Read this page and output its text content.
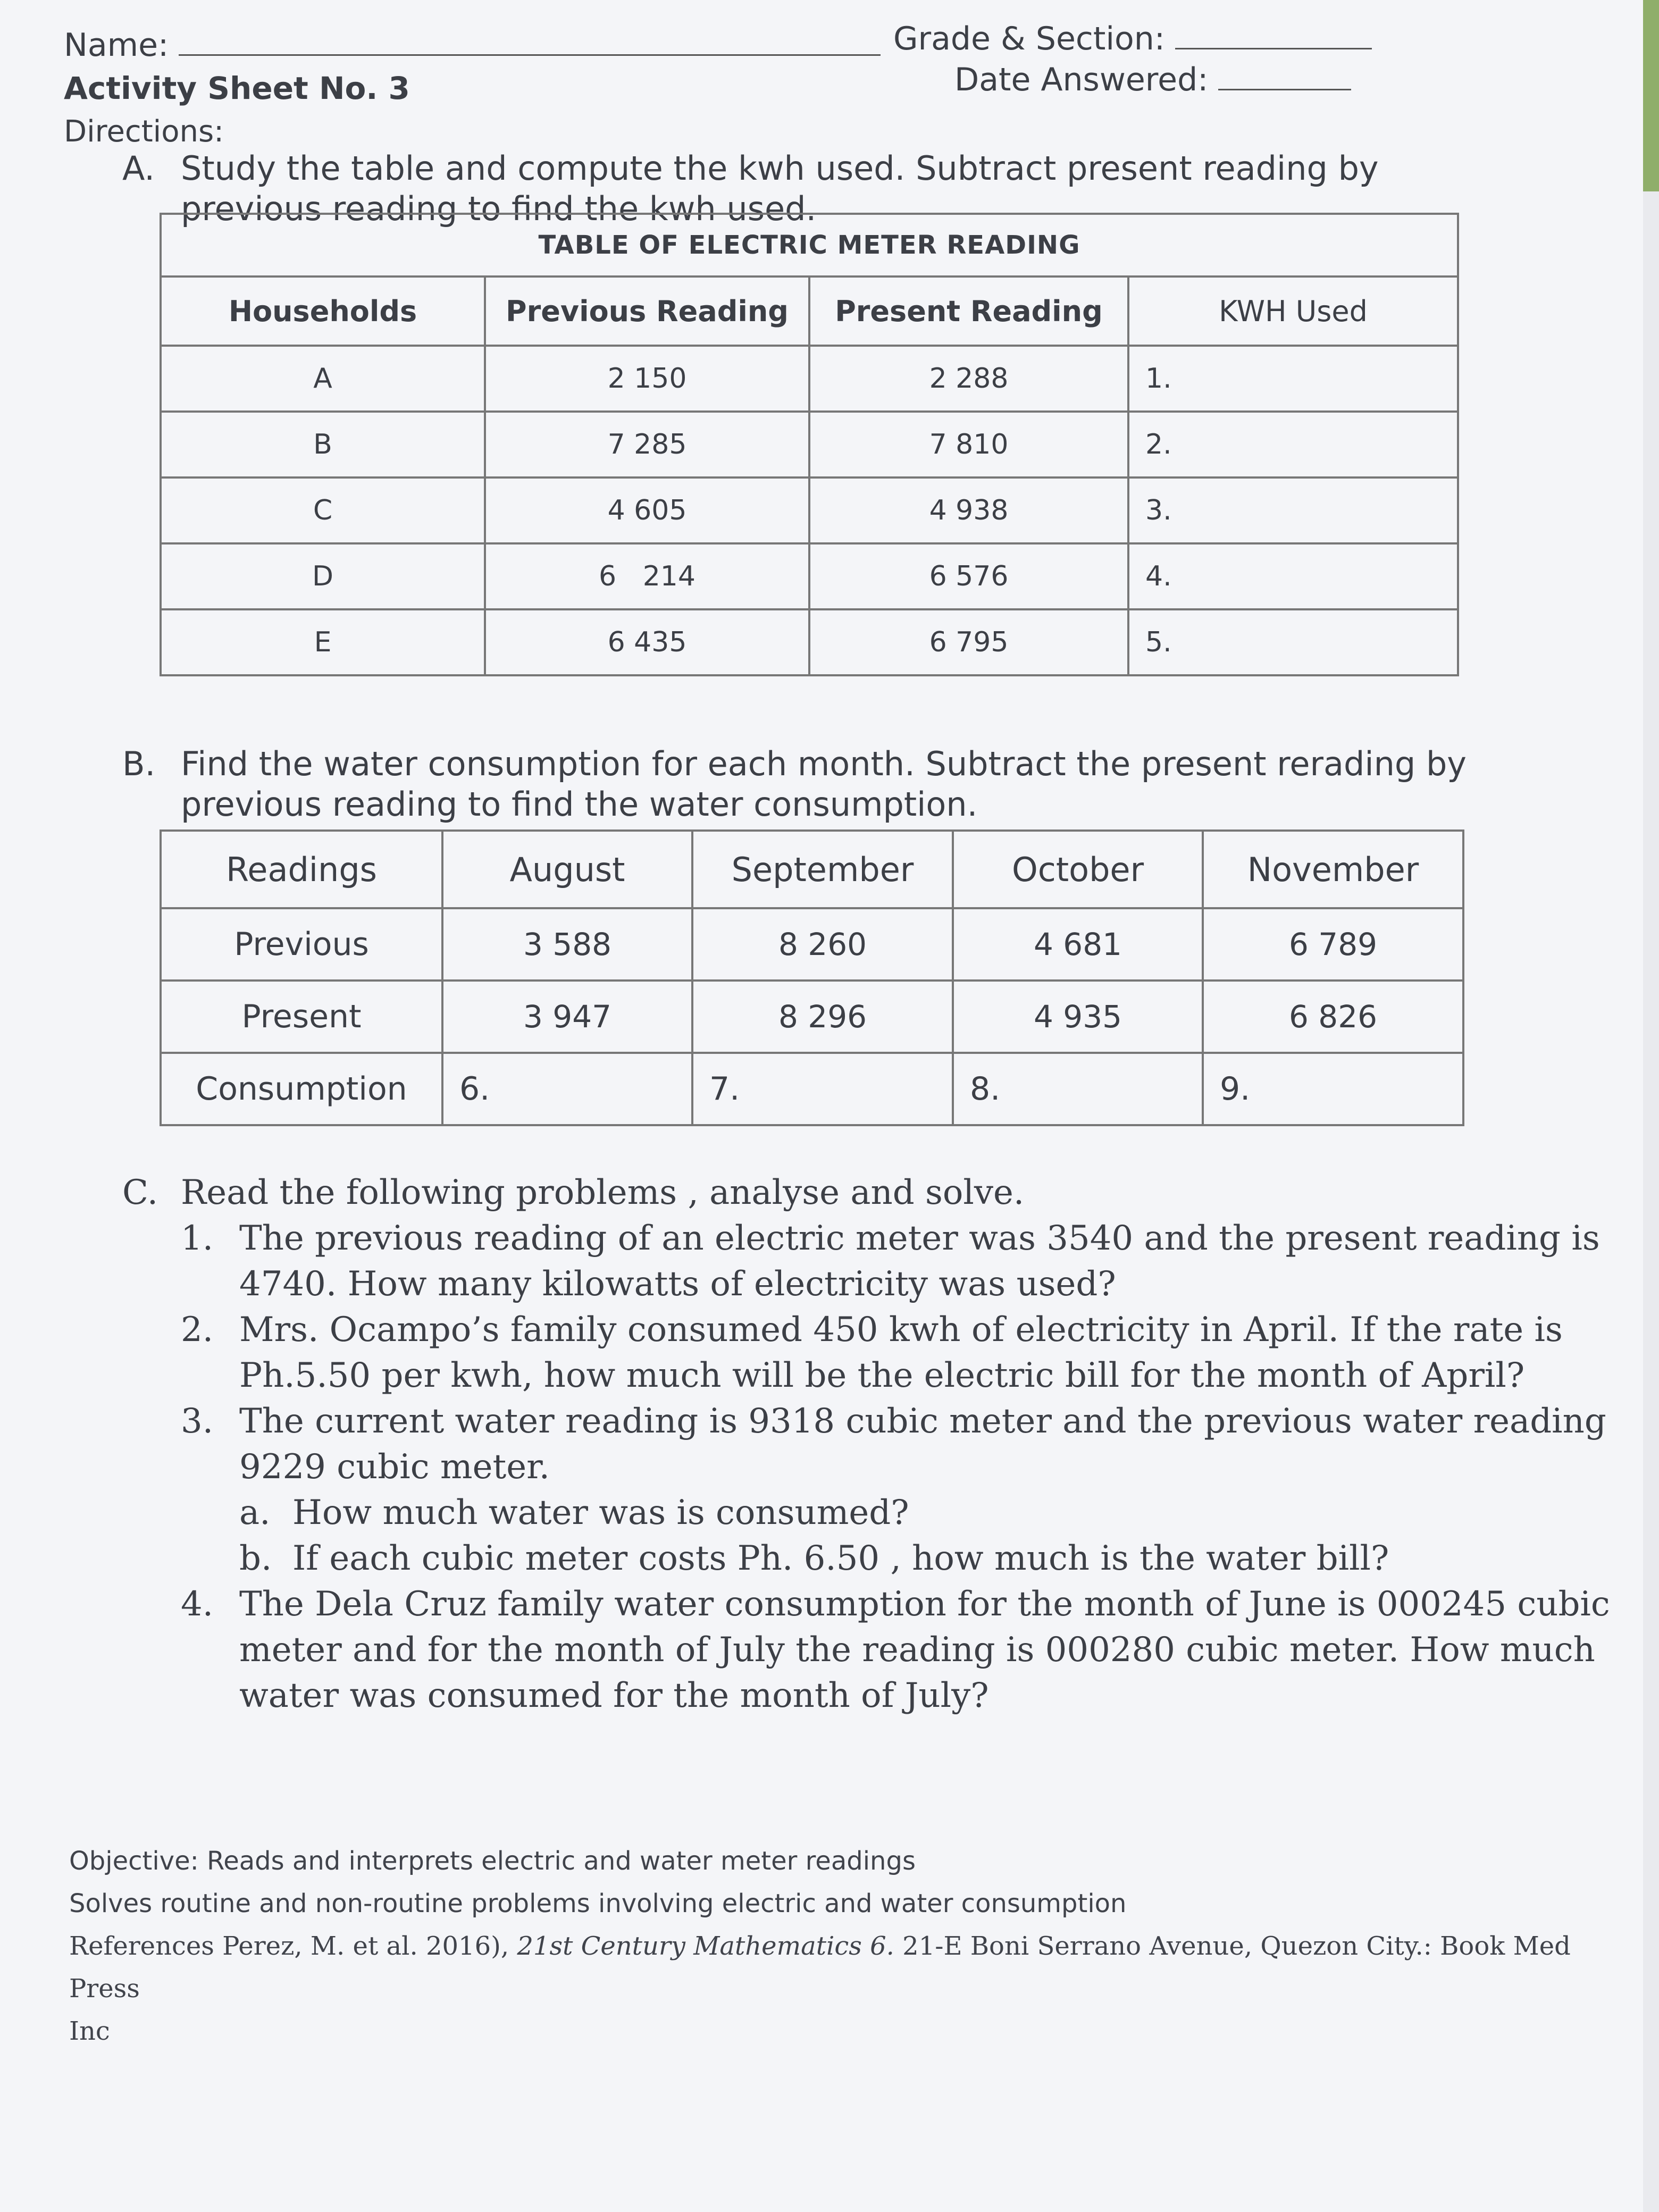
Name:	Grade & Section:
Activity Sheet No. 3	Date Answered:
Directions:
A. Study the table and compute the kwh used. Subtract present reading by
previous reading to find the kwh used.
TABLE OF ELECTRIC METER READING			
Households	Previous Reading	Present Reading	KWH Used
A	2 150	2 288	1.
B	7 285	7 810	2.
C	4 605	4 938	3.
D	6   214	6 576	4.
E	6 435	6 795	5.
B. Find the water consumption for each month. Subtract the present rerading by
previous reading to find the water consumption.
Readings	August	September	October	November
Previous	3 588	8 260	4 681	6 789
Present	3 947	8 296	4 935	6 826
Consumption	6.	7.	8.	9.
C. Read the following problems , analyse and solve.
1. The previous reading of an electric meter was 3540 and the present reading is
4740. How many kilowatts of electricity was used?
2. Mrs. Ocampo’s family consumed 450 kwh of electricity in April. If the rate is
Ph.5.50 per kwh, how much will be the electric bill for the month of April?
3. The current water reading is 9318 cubic meter and the previous water reading
9229 cubic meter.
a. How much water was is consumed?
b. If each cubic meter costs Ph. 6.50 , how much is the water bill?
4. The Dela Cruz family water consumption for the month of June is 000245 cubic
meter and for the month of July the reading is 000280 cubic meter. How much
water was consumed for the month of July?
Objective: Reads and interprets electric and water meter readings
Solves routine and non-routine problems involving electric and water consumption
References Perez, M. et al. 2016), 21st Century Mathematics 6. 21-E Boni Serrano Avenue, Quezon City.: Book Med Press
Inc
